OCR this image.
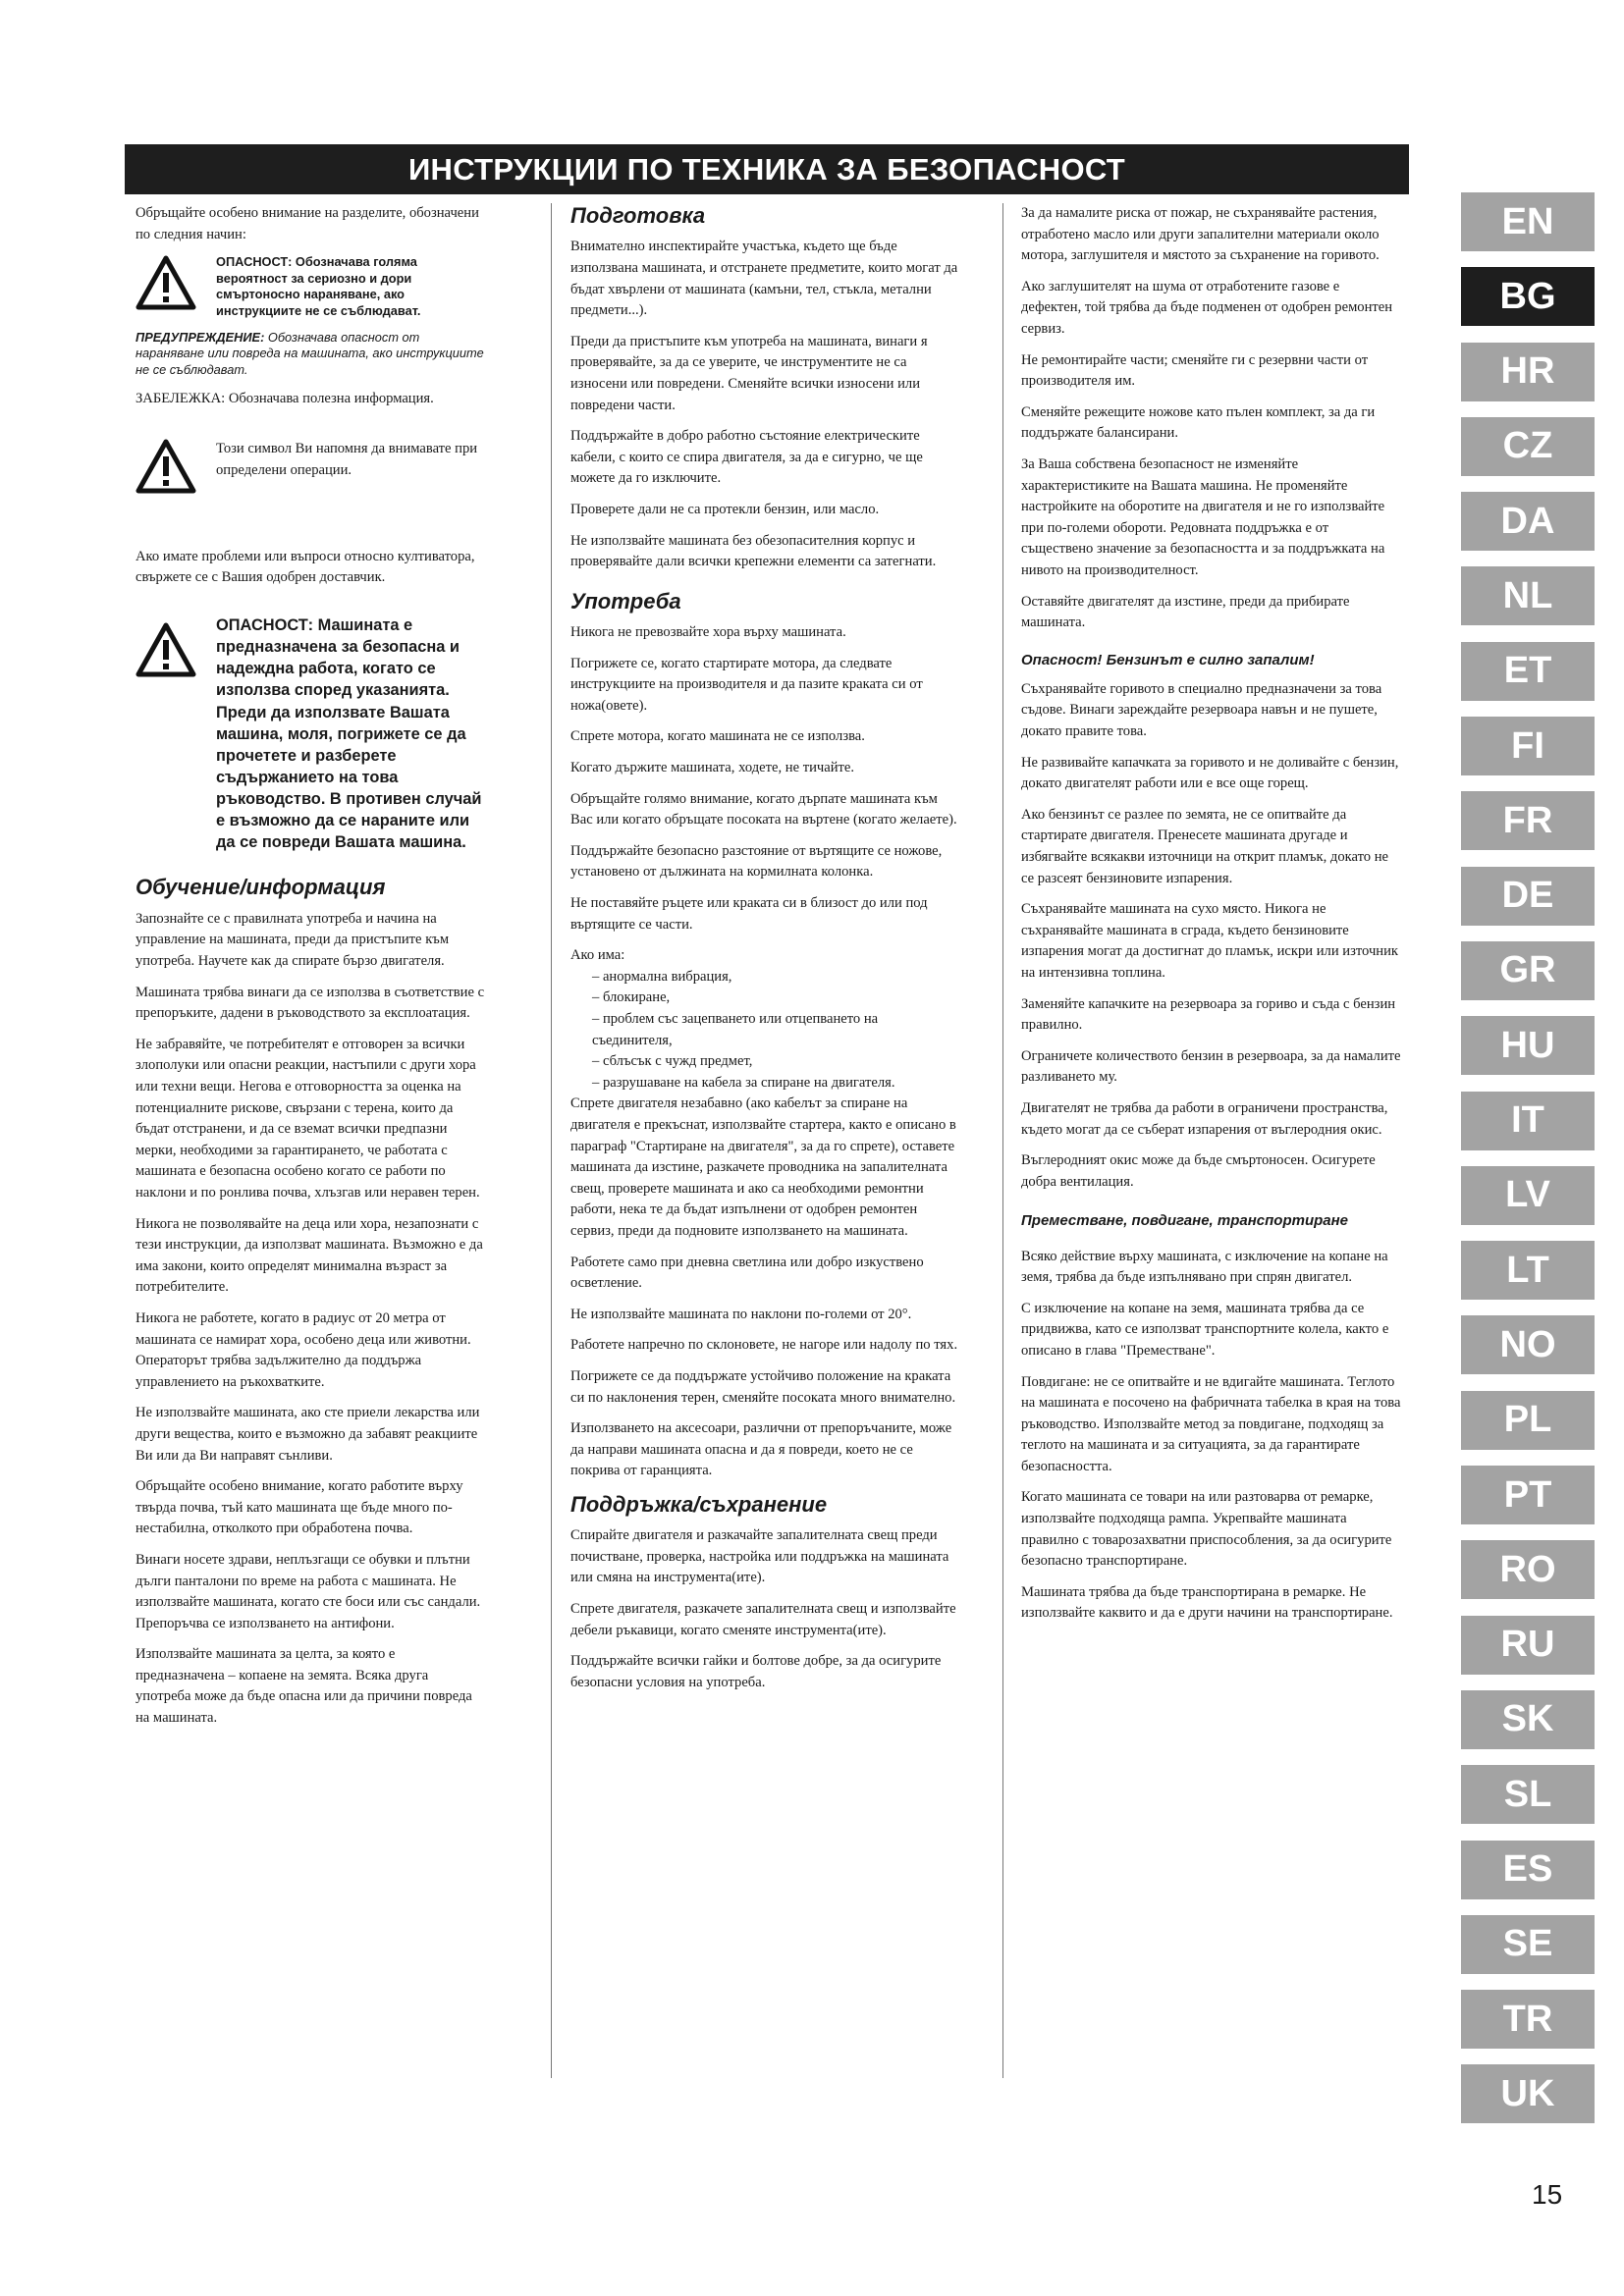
ИНСТРУКЦИИ ПО ТЕХНИКА ЗА БЕЗОПАСНОСТ

Обръщайте особено внимание на разделите, обозначени по следния начин:

ОПАСНОСТ: Обозначава голяма вероятност за сериозно и дори смъртоносно нараняване, ако инструкциите не се съблюдават.

ПРЕДУПРЕЖДЕНИЕ: Обозначава опасност от нараняване или повреда на машината, ако инструкциите не се съблюдават.

ЗАБЕЛЕЖКА: Обозначава полезна информация.

Този символ Ви напомня да внимавате при определени операции.

Ако имате проблеми или въпроси относно култиватора, свържете се с Вашия одобрен доставчик.

ОПАСНОСТ: Машината е предназначена за безопасна и надеждна работа, когато се използва според указанията. Преди да използвате Вашата машина, моля, погрижете се да прочетете и разберете съдържанието на това ръководство. В противен случай е възможно да се нараните или да се повреди Вашата машина.
Обучение/информация

Запознайте се с правилната употреба и начина на управление на машината, преди да пристъпите към употреба. Научете как да спирате бързо двигателя.

Машината трябва винаги да се използва в съответствие с препоръките, дадени в ръководството за експлоатация.

Не забравяйте, че потребителят е отговорен за всички злополуки или опасни реакции, настъпили с други хора или техни вещи. Негова е отговорността за оценка на потенциалните рискове, свързани с терена, които да бъдат отстранени, и да се вземат всички предпазни мерки, необходими за гарантирането, че работата с машината е безопасна особено когато се работи по наклони и по ронлива почва, хлъзгав или неравен терен.

Никога не позволявайте на деца или хора, незапознати с тези инструкции, да използват машината. Възможно е да има закони, които определят минимална възраст за потребителите.

Никога не работете, когато в радиус от 20 метра от машината се намират хора, особено деца или животни. Операторът трябва задължително да поддържа управлението на ръкохватките.

Не използвайте машината, ако сте приели лекарства или други вещества, които е възможно да забавят реакциите Ви или да Ви направят сънливи.

Обръщайте особено внимание, когато работите върху твърда почва, тъй като машината ще бъде много по-нестабилна, отколкото при обработена почва.

Винаги носете здрави, неплъзгащи се обувки и плътни дълги панталони по време на работа с машината. Не използвайте машината, когато сте боси или със сандали. Препоръчва се използването на антифони.

Използвайте машината за целта, за която е предназначена – копаене на земята. Всяка друга употреба може да бъде опасна или да причини повреда на машината.

Подготовка

Внимателно инспектирайте участъка, където ще бъде използвана машината, и отстранете предметите, които могат да бъдат хвърлени от машината (камъни, тел, стъкла, метални предмети...).

Преди да пристъпите към употреба на машината, винаги я проверявайте, за да се уверите, че инструментите не са износени или повредени. Сменяйте всички износени или повредени части.

Поддържайте в добро работно състояние електрическите кабели, с които се спира двигателя, за да е сигурно, че ще можете да го изключите.

Проверете дали не са протекли бензин, или масло.

Не използвайте машината без обезопасителния корпус и проверявайте дали всички крепежни елементи са затегнати.

Употреба

Никога не превозвайте хора върху машината.

Погрижете се, когато стартирате мотора, да следвате инструкциите на производителя и да пазите краката си от ножа(овете).

Спрете мотора, когато машината не се използва.

Когато държите машината, ходете, не тичайте.

Обръщайте голямо внимание, когато дърпате машината към Вас или когато обръщате посоката на въртене (когато желаете).

Поддържайте безопасно разстояние от въртящите се ножове, установено от дължината на кормилната колонка.

Не поставяйте ръцете или краката си в близост до или под въртящите се части.

Ако има:
– анормална вибрация,
– блокиране,
– проблем със зацепването или отцепването на съединителя,
– сблъсък с чужд предмет,
– разрушаване на кабела за спиране на двигателя.

Спрете двигателя незабавно (ако кабелът за спиране на двигателя е прекъснат, използвайте стартера, както е описано в параграф "Стартиране на двигателя", за да го спрете), оставете машината да изстине, разкачете проводника на запалителната свещ, проверете машината и ако са необходими ремонтни работи, нека те да бъдат изпълнени от одобрен ремонтен сервиз, преди да подновите използването на машината.

Работете само при дневна светлина или добро изкуствено осветление.

Не използвайте машината по наклони по-големи от 20°.

Работете напречно по склоновете, не нагоре или надолу по тях.

Погрижете се да поддържате устойчиво положение на краката си по наклонения терен, сменяйте посоката много внимателно.

Използването на аксесоари, различни от препоръчаните, може да направи машината опасна и да я повреди, което не се покрива от гаранцията.

Поддръжка/съхранение

Спирайте двигателя и разкачайте запалителната свещ преди почистване, проверка, настройка или поддръжка на машината или смяна на инструмента(ите).

Спрете двигателя, разкачете запалителната свещ и използвайте дебели ръкавици, когато сменяте инструмента(ите).

Поддържайте всички гайки и болтове добре, за да осигурите безопасни условия на употреба.

За да намалите риска от пожар, не съхранявайте растения, отработено масло или други запалителни материали около мотора, заглушителя и мястото за съхранение на горивото.

Ако заглушителят на шума от отработените газове е дефектен, той трябва да бъде подменен от одобрен ремонтен сервиз.

Не ремонтирайте части; сменяйте ги с резервни части от производителя им.

Сменяйте режещите ножове като пълен комплект, за да ги поддържате балансирани.

За Ваша собствена безопасност не изменяйте характеристиките на Вашата машина. Не променяйте настройките на оборотите на двигателя и не го използвайте при по-големи обороти. Редовната поддръжка е от съществено значение за безопасността и за поддръжката на нивото на производителност.

Оставяйте двигателят да изстине, преди да прибирате машината.

Опасност! Бензинът е силно запалим!

Съхранявайте горивото в специално предназначени за това съдове. Винаги зареждайте резервоара навън и не пушете, докато правите това.

Не развивайте капачката за горивото и не доливайте с бензин, докато двигателят работи или е все още горещ.

Ако бензинът се разлее по земята, не се опитвайте да стартирате двигателя. Пренесете машината другаде и избягвайте всякакви източници на открит пламък, докато не се разсеят бензиновите изпарения.

Съхранявайте машината на сухо място. Никога не съхранявайте машината в сграда, където бензиновите изпарения могат да достигнат до пламък, искри или източник на интензивна топлина.

Заменяйте капачките на резервоара за гориво и съда с бензин правилно.

Ограничете количеството бензин в резервоара, за да намалите разливането му.

Двигателят не трябва да работи в ограничени пространства, където могат да се съберат изпарения от въглеродния окис.

Въглеродният окис може да бъде смъртоносен. Осигурете добра вентилация.

Преместване, повдигане, транспортиране

Всяко действие върху машината, с изключение на копане на земя, трябва да бъде изпълнявано при спрян двигател.

С изключение на копане на земя, машината трябва да се придвижва, като се използват транспортните колела, както е описано в глава "Преместване".

Повдигане: не се опитвайте и не вдигайте машината. Теглото на машината е посочено на фабричната табелка в края на това ръководство. Използвайте метод за повдигане, подходящ за теглото на машината и за ситуацията, за да гарантирате безопасността.

Когато машината се товари на или разтоварва от ремарке, използвайте подходяща рампа. Укрепвайте машината правилно с товарозахватни приспособления, за да осигурите безопасно транспортиране.

Машината трябва да бъде транспортирана в ремарке. Не използвайте каквито и да е други начини на транспортиране.

EN
BG
HR
CZ
DA
NL
ET
FI
FR
DE
GR
HU
IT
LV
LT
NO
PL
PT
RO
RU
SK
SL
ES
SE
TR
UK
15
